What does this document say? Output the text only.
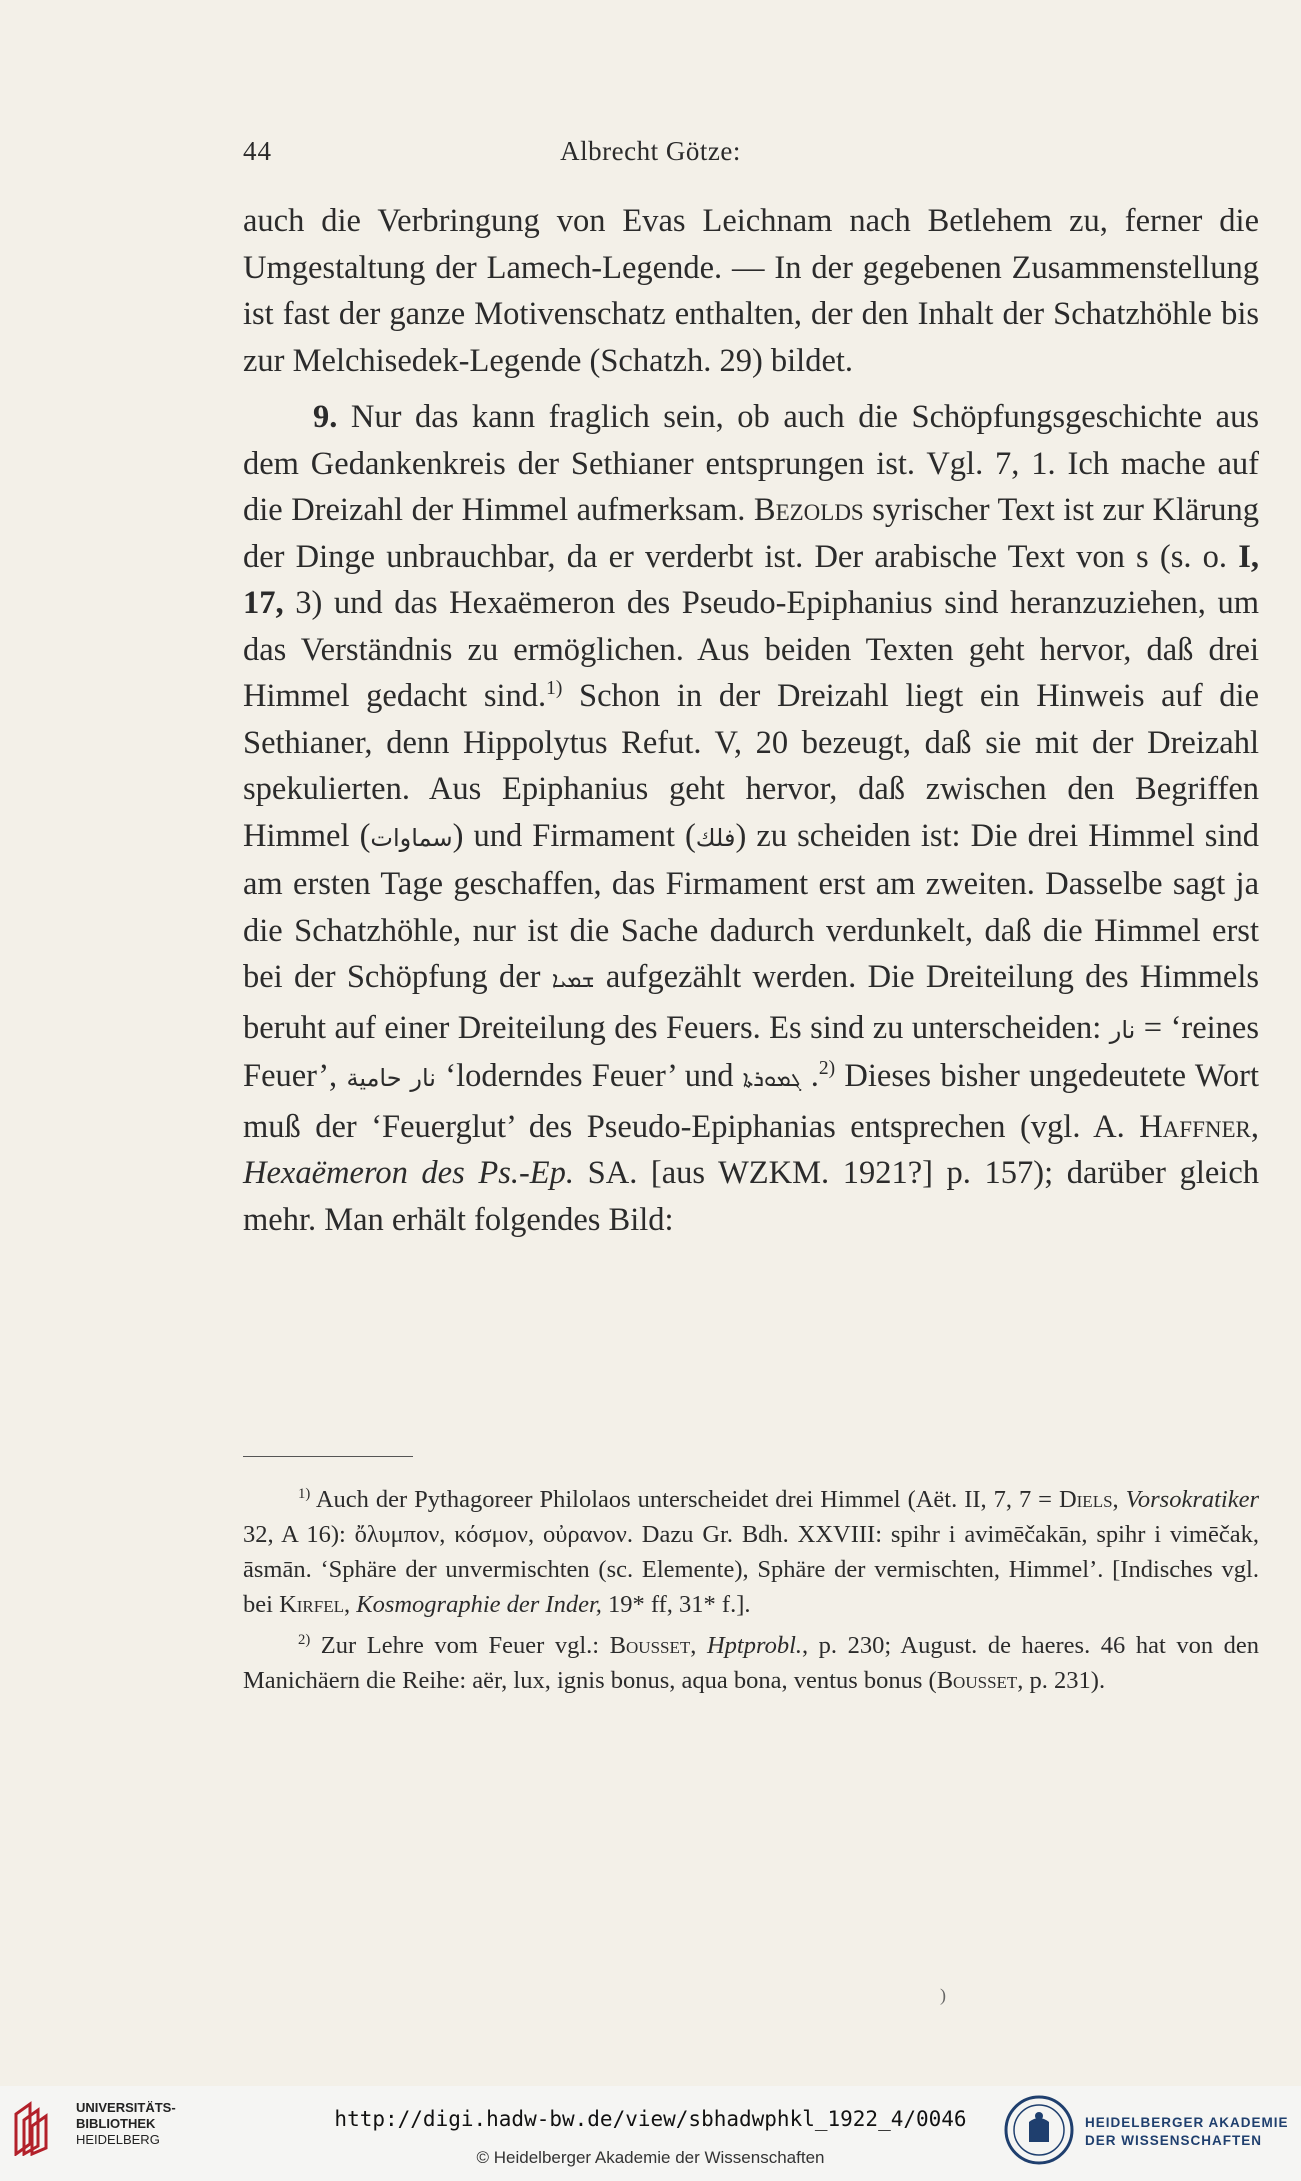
44	Albrecht Götze:

auch die Verbringung von Evas Leichnam nach Betlehem zu, ferner die Umgestaltung der Lamech-Legende. — In der gegebenen Zusammenstellung ist fast der ganze Motivenschatz enthalten, der den Inhalt der Schatzhöhle bis zur Melchisedek-Legende (Schatzh. 29) bildet.

9. Nur das kann fraglich sein, ob auch die Schöpfungsgeschichte aus dem Gedankenkreis der Sethianer entsprungen ist. Vgl. 7, 1. Ich mache auf die Dreizahl der Himmel aufmerksam. Bezolds syrischer Text ist zur Klärung der Dinge unbrauchbar, da er verderbt ist. Der arabische Text von s (s. o. I, 17, 3) und das Hexaëmeron des Pseudo-Epiphanius sind heranzuziehen, um das Verständnis zu ermöglichen. Aus beiden Texten geht hervor, daß drei Himmel gedacht sind.$^{1)}$ Schon in der Dreizahl liegt ein Hinweis auf die Sethianer, denn Hippolytus Refut. V, 20 bezeugt, daß sie mit der Dreizahl spekulierten. Aus Epiphanius geht hervor, daß zwischen den Begriffen Himmel (سماوات) und Firmament (فلك) zu scheiden ist: Die drei Himmel sind am ersten Tage geschaffen, das Firmament erst am zweiten. Dasselbe sagt ja die Schatzhöhle, nur ist die Sache dadurch verdunkelt, daß die Himmel erst bei der Schöpfung der ܫܡܝܐ aufgezählt werden. Die Dreiteilung des Himmels beruht auf einer Dreiteilung des Feuers. Es sind zu unterscheiden: نار = ‘reines Feuer’, نار حامية ‘loderndes Feuer’ und ܓܡܘܪܬܐ .$^{2)}$ Dieses bisher ungedeutete Wort muß der ‘Feuerglut’ des Pseudo-Epiphanias entsprechen (vgl. A. Haffner, Hexaëmeron des Ps.-Ep. SA. [aus WZKM. 1921?] p. 157); darüber gleich mehr. Man erhält folgendes Bild:

$^{1)}$ Auch der Pythagoreer Philolaos unterscheidet drei Himmel (Aët. II, 7, 7 = Diels, Vorsokratiker 32, A 16): ὄλυμπον, κόσμον, οὐρανον. Dazu Gr. Bdh. XXVIII: spihr i avimēčakān, spihr i vimēčak, āsmān. ‘Sphäre der unvermischten (sc. Elemente), Sphäre der vermischten, Himmel’. [Indisches vgl. bei Kirfel, Kosmographie der Inder, 19* ff, 31* f.].

$^{2)}$ Zur Lehre vom Feuer vgl.: Bousset, Hptprobl., p. 230; August. de haeres. 46 hat von den Manichäern die Reihe: aër, lux, ignis bonus, aqua bona, ventus bonus (Bousset, p. 231).

)
UNIVERSITÄTS-
BIBLIOTHEK
HEIDELBERG
http://digi.hadw-bw.de/view/sbhadwphkl_1922_4/0046
© Heidelberger Akademie der Wissenschaften
HEIDELBERGER AKADEMIE
DER WISSENSCHAFTEN
